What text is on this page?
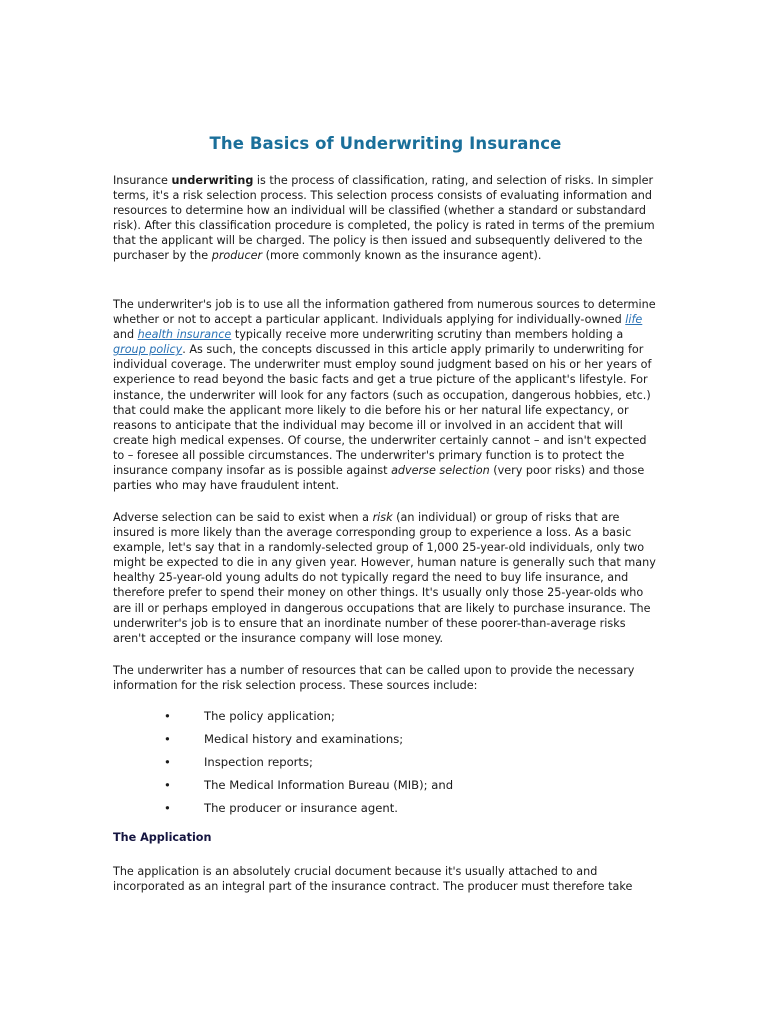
The Basics of Underwriting Insurance

Insurance underwriting is the process of classification, rating, and selection of risks. In simpler terms, it's a risk selection process. This selection process consists of evaluating information and resources to determine how an individual will be classified (whether a standard or substandard risk). After this classification procedure is completed, the policy is rated in terms of the premium that the applicant will be charged. The policy is then issued and subsequently delivered to the purchaser by the producer (more commonly known as the insurance agent).

The underwriter's job is to use all the information gathered from numerous sources to determine whether or not to accept a particular applicant. Individuals applying for individually-owned life and health insurance typically receive more underwriting scrutiny than members holding a group policy. As such, the concepts discussed in this article apply primarily to underwriting for individual coverage. The underwriter must employ sound judgment based on his or her years of experience to read beyond the basic facts and get a true picture of the applicant's lifestyle. For instance, the underwriter will look for any factors (such as occupation, dangerous hobbies, etc.) that could make the applicant more likely to die before his or her natural life expectancy, or reasons to anticipate that the individual may become ill or involved in an accident that will create high medical expenses. Of course, the underwriter certainly cannot – and isn't expected to – foresee all possible circumstances. The underwriter's primary function is to protect the insurance company insofar as is possible against adverse selection (very poor risks) and those parties who may have fraudulent intent.

Adverse selection can be said to exist when a risk (an individual) or group of risks that are insured is more likely than the average corresponding group to experience a loss. As a basic example, let's say that in a randomly-selected group of 1,000 25-year-old individuals, only two might be expected to die in any given year. However, human nature is generally such that many healthy 25-year-old young adults do not typically regard the need to buy life insurance, and therefore prefer to spend their money on other things. It's usually only those 25-year-olds who are ill or perhaps employed in dangerous occupations that are likely to purchase insurance. The underwriter's job is to ensure that an inordinate number of these poorer-than-average risks aren't accepted or the insurance company will lose money.

The underwriter has a number of resources that can be called upon to provide the necessary information for the risk selection process. These sources include:

•	The policy application;
•	Medical history and examinations;
•	Inspection reports;
•	The Medical Information Bureau (MIB); and
•	The producer or insurance agent.
The Application

The application is an absolutely crucial document because it's usually attached to and incorporated as an integral part of the insurance contract. The producer must therefore take
